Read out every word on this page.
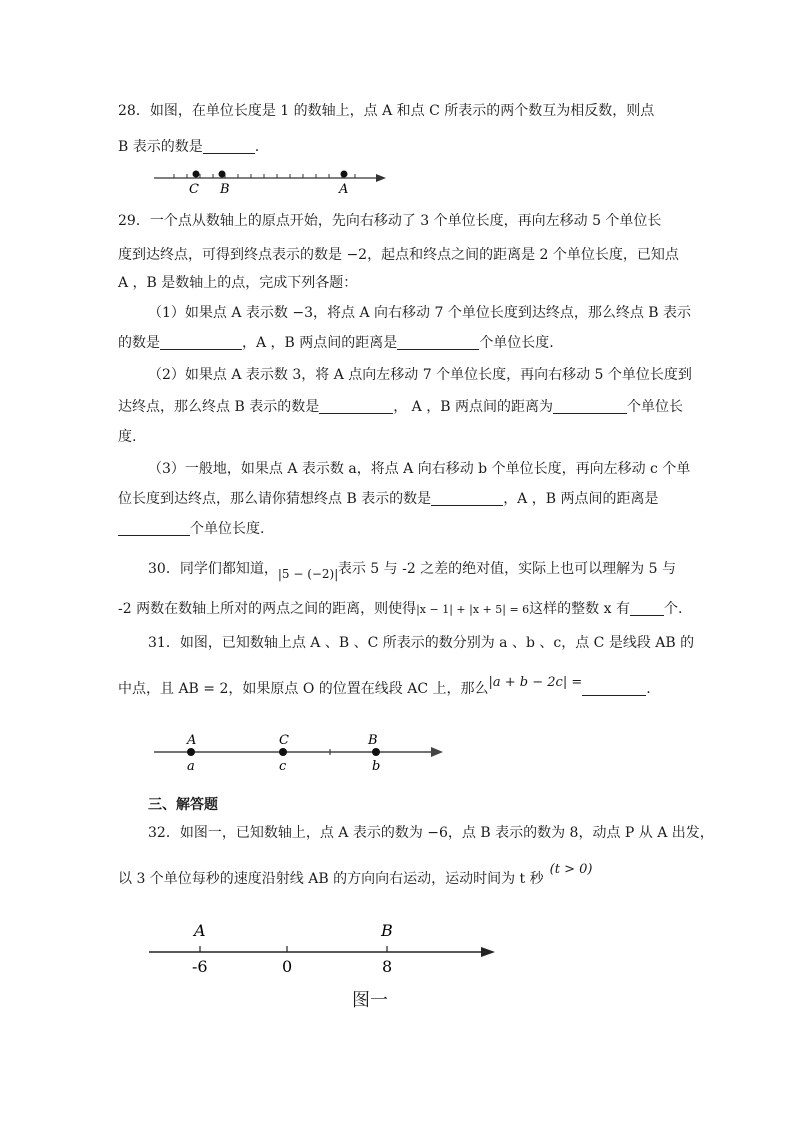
28．如图，在单位长度是 1 的数轴上，点 A 和点 C 所表示的两个数互为相反数，则点
B 表示的数是	.
C B	A
29．一个点从数轴上的原点开始，先向右移动了 3 个单位长度，再向左移动 5 个单位长
度到达终点，可得到终点表示的数是 −2，起点和终点之间的距离是 2 个单位长度，已知点
A ，B 是数轴上的点，完成下列各题：
（1）如果点 A 表示数 −3，将点 A 向右移动 7 个单位长度到达终点，那么终点 B 表示
的数是	，A ，B 两点间的距离是	个单位长度.
（2）如果点 A 表示数 3，将 A 点向左移动 7 个单位长度，再向右移动 5 个单位长度到
达终点，那么终点 B 表示的数是	， A ，B 两点间的距离为	个单位长
度.
（3）一般地，如果点 A 表示数 a，将点 A 向右移动 b 个单位长度，再向左移动 c 个单
位长度到达终点，那么请你猜想终点 B 表示的数是	，A ，B 两点间的距离是
个单位长度.
30．同学们都知道， |5 − (−2)| 表示 5 与 -2 之差的绝对值，实际上也可以理解为 5 与
-2 两数在数轴上所对的两点之间的距离，则使得|x − 1| + |x + 5| = 6这样的整数 x 有 个.
31．如图，已知数轴上点 A 、B 、C 所表示的数分别为 a 、b 、c，点 C 是线段 AB 的
中点，且 AB = 2，如果原点 O 的位置在线段 AC 上，那么|a + b − 2c| =	.
A	C	B
a	c	b
三、解答题
32．如图一，已知数轴上，点 A 表示的数为 −6，点 B 表示的数为 8，动点 P 从 A 出发，
以 3 个单位每秒的速度沿射线 AB 的方向向右运动，运动时间为 t 秒(t > 0)
A	B
-6	0	8
图一
